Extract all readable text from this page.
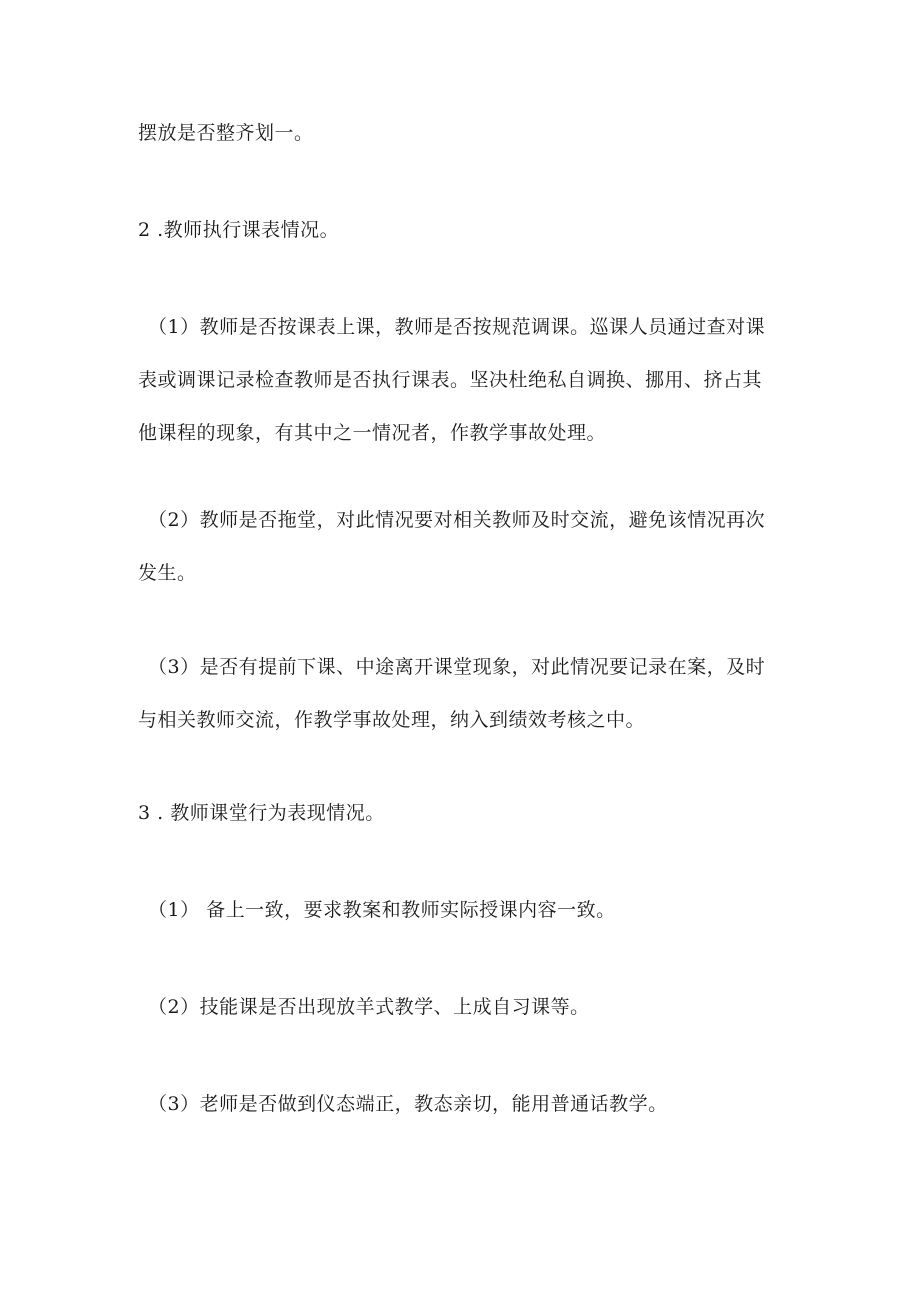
摆放是否整齐划一。
2 .教师执行课表情况。
（1）教师是否按课表上课，教师是否按规范调课。巡课人员通过查对课
表或调课记录检查教师是否执行课表。坚决杜绝私自调换、挪用、挤占其
他课程的现象，有其中之一情况者，作教学事故处理。
（2）教师是否拖堂，对此情况要对相关教师及时交流，避免该情况再次
发生。
（3）是否有提前下课、中途离开课堂现象，对此情况要记录在案，及时
与相关教师交流，作教学事故处理，纳入到绩效考核之中。
3 . 教师课堂行为表现情况。
（1） 备上一致，要求教案和教师实际授课内容一致。
（2）技能课是否出现放羊式教学、上成自习课等。
（3）老师是否做到仪态端正，教态亲切，能用普通话教学。
